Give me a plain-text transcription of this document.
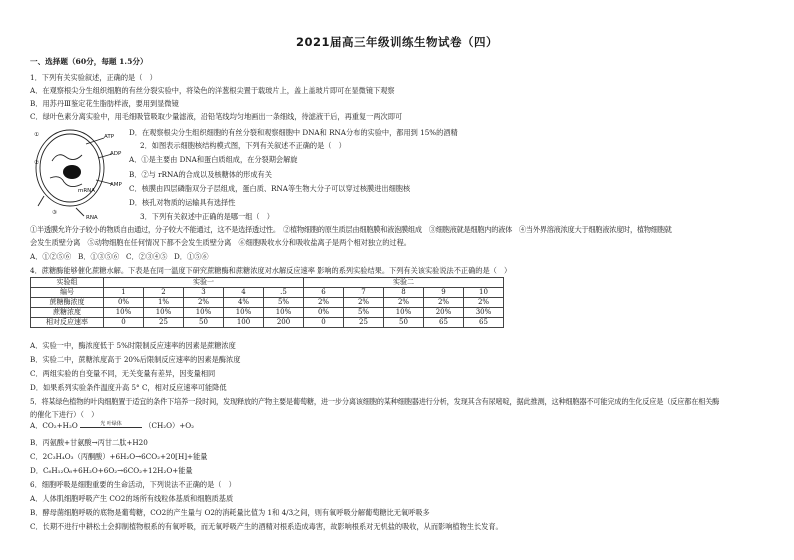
2021届高三年级训练生物试卷（四）
一、选择题（60分，每题 1.5分）
1．下列有关实验叙述，正确的是（　）
A．在观察根尖分生组织细胞的有丝分裂实验中，将染色的洋葱根尖置于载玻片上，盖上盖玻片即可在显微镜下观察
B．用苏丹Ⅲ鉴定花生脂肪样液，要用到显微镜
C．绿叶色素分离实验中，用毛细吸管吸取少量滤液，沿铅笔线均匀地画出一条细线，待滤液干后，再重复一两次即可
①
②
③
ATP
ADP
AMP
mRNA
RNA
D．在观察根尖分生组织细胞的有丝分裂和观察细胞中 DNA和 RNA分布的实验中，都用到 15%的酒精
2．如图表示细胞核结构模式图，下列有关叙述不正确的是（　）
A．①是主要由 DNA和蛋白质组成，在分裂期会解旋
B．②与 rRNA的合成以及核糖体的形成有关
C．核膜由四层磷脂双分子层组成，蛋白质、RNA等生物大分子可以穿过核膜进出细胞核
D．核孔对物质的运输具有选择性
3．下列有关叙述中正确的是哪一组（　）
①半透膜允许分子较小的物质自由通过，分子较大不能通过，这不是选择透过性。　②植物细胞的原生质层由细胞膜和液泡膜组成　③细胞液就是细胞内的液体　④当外界溶液浓度大于细胞液浓度时，植物细胞就
会发生质壁分离　⑤动物细胞在任何情况下都不会发生质壁分离　⑥细胞吸收水分和吸收盐离子是两个相对独立的过程。
A．①②⑤⑥ B．①③⑤⑥ C．②③④⑤ D．①⑤⑥
4．蔗糖酶能够催化蔗糖水解。下表是在同一温度下研究蔗糖酶和蔗糖浓度对水解反应速率 影响的系列实验结果。下列有关该实验说法不正确的是（　）
实验组	实验一					实验二				
编号	1	2	3	4	.5	6	7	8	9	10
蔗糖酶浓度	0%	1%	2%	4%	5%	2%	2%	2%	2%	2%
蔗糖浓度	10%	10%	10%	10%	10%	0%	5%	10%	20%	30%
相对反应速率	0	25	50	100	200	0	25	50	65	65
A．实验一中，酶浓度低于 5%时限制反应速率的因素是蔗糖浓度
B．实验二中，蔗糖浓度高于 20%后限制反应速率的因素是酶浓度
C．两组实验的自变量不同，无关变量有差异，因变量相同
D．如果系列实验条件温度升高 5° C，相对反应速率可能降低
5．将某绿色植物的叶肉细胞置于适宜的条件下培养一段时间，发现释放的产物主要是葡萄糖，进一步分离该细胞的某种细胞器进行分析，发现其含有尿嘧啶，据此推测，这种细胞器不可能完成的生化反应是（反应都在相关酶
的催化下进行）（　）
A．CO₂+H₂O	光 叶绿体	（CH₂O）+O₂
B．丙氨酸+甘氨酸→丙甘二肽+H20
C．2C₃H₄O₃（丙酮酸）+6H₂O→6CO₂+20[H]+能量
D．C₆H₁₂O₆+6H₂O+6O₂→6CO₂+12H₂O+能量
6．细胞呼吸是细胞重要的生命活动，下列说法不正确的是（　）
A．人体肌细胞呼吸产生 CO2的场所有线粒体基质和细胞质基质
B．酵母菌细胞呼吸的底物是葡萄糖，CO2的产生量与 O2的消耗量比值为 1和 4/3之间，则有氧呼吸分解葡萄糖比无氧呼吸多
C．长期不进行中耕松土会抑制植物根系的有氧呼吸，而无氧呼吸产生的酒精对根系造成毒害，故影响根系对无机盐的吸收，从而影响植物生长发育。
